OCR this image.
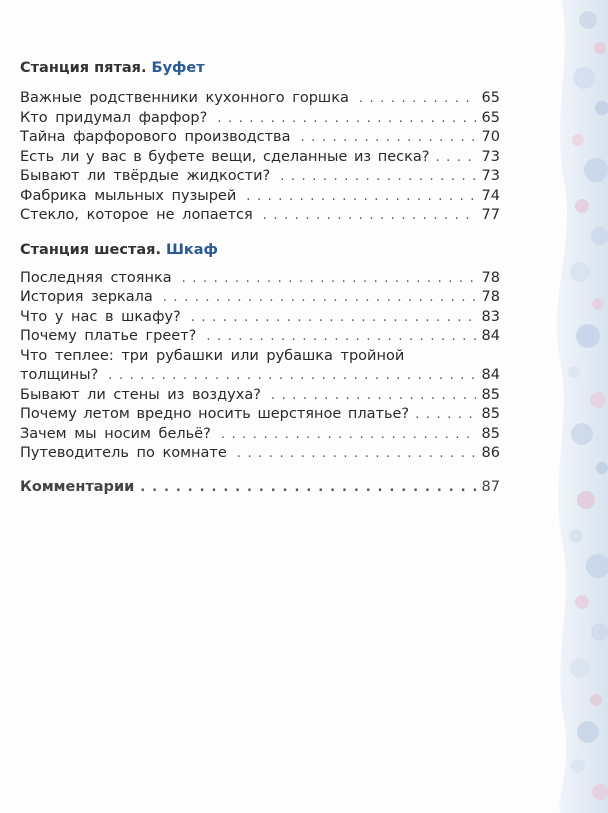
Станция пятая. Буфет
Важные родственники кухонного горшка . . .	65
Кто придумал фарфор? . . .	65
Тайна фарфорового производства . . .	70
Есть ли у вас в буфете вещи, сделанные из песка? . . .	73
Бывают ли твёрдые жидкости? . . .	73
Фабрика мыльных пузырей . . .	74
Стекло, которое не лопается . . .	77
Станция шестая. Шкаф
Последняя стоянка . . .	78
История зеркала . . .	78
Что у нас в шкафу? . . .	83
Почему платье греет? . . .	84
Что теплее: три рубашки или рубашка тройной
толщины? . . .	84
Бывают ли стены из воздуха? . . .	85
Почему летом вредно носить шерстяное платье? . . .	85
Зачем мы носим бельё? . . .	85
Путеводитель по комнате . . .	86
Комментарии . . .	87
